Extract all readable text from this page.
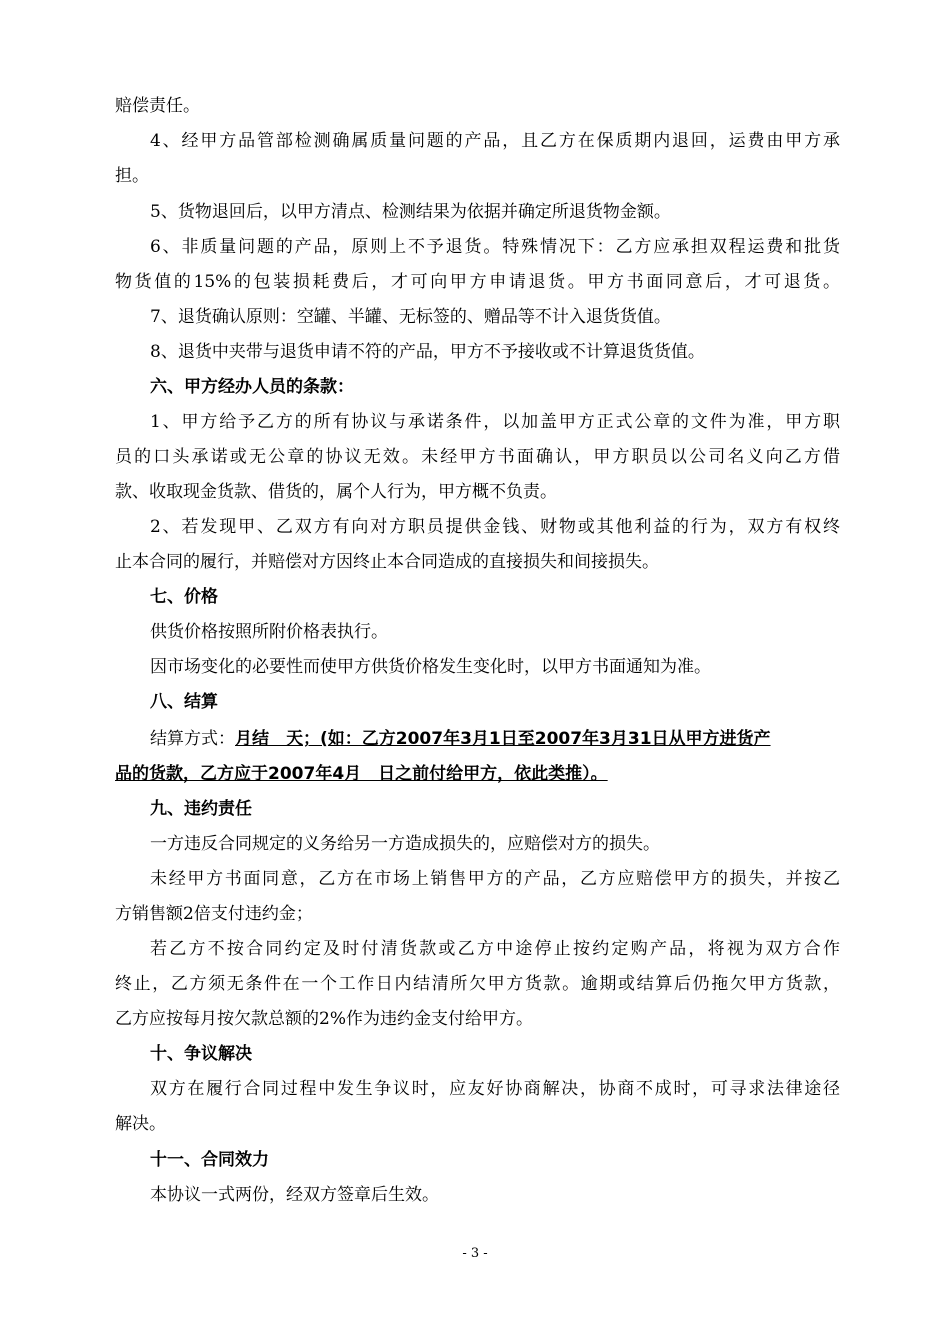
赔偿责任。
4、经甲方品管部检测确属质量问题的产品，且乙方在保质期内退回，运费由甲方承
担。
5、货物退回后，以甲方清点、检测结果为依据并确定所退货物金额。
6、非质量问题的产品，原则上不予退货。特殊情况下：乙方应承担双程运费和批货
物货值的15%的包装损耗费后，才可向甲方申请退货。甲方书面同意后，才可退货。
7、退货确认原则：空罐、半罐、无标签的、赠品等不计入退货货值。
8、退货中夹带与退货申请不符的产品，甲方不予接收或不计算退货货值。
六、甲方经办人员的条款：
1、甲方给予乙方的所有协议与承诺条件，以加盖甲方正式公章的文件为准，甲方职
员的口头承诺或无公章的协议无效。未经甲方书面确认，甲方职员以公司名义向乙方借
款、收取现金货款、借货的，属个人行为，甲方概不负责。
2、若发现甲、乙双方有向对方职员提供金钱、财物或其他利益的行为，双方有权终
止本合同的履行，并赔偿对方因终止本合同造成的直接损失和间接损失。
七、价格
供货价格按照所附价格表执行。
因市场变化的必要性而使甲方供货价格发生变化时，以甲方书面通知为准。
八、结算
结算方式：月结　天；(如：乙方2007年3月1日至2007年3月31日从甲方进货产
品的货款，乙方应于2007年4月　日之前付给甲方，依此类推）。
九、违约责任
一方违反合同规定的义务给另一方造成损失的，应赔偿对方的损失。
未经甲方书面同意，乙方在市场上销售甲方的产品，乙方应赔偿甲方的损失，并按乙
方销售额2倍支付违约金；
若乙方不按合同约定及时付清货款或乙方中途停止按约定购产品，将视为双方合作
终止，乙方须无条件在一个工作日内结清所欠甲方货款。逾期或结算后仍拖欠甲方货款，
乙方应按每月按欠款总额的2%作为违约金支付给甲方。
十、争议解决
双方在履行合同过程中发生争议时，应友好协商解决，协商不成时，可寻求法律途径
解决。
十一、合同效力
本协议一式两份，经双方签章后生效。
- 3 -
